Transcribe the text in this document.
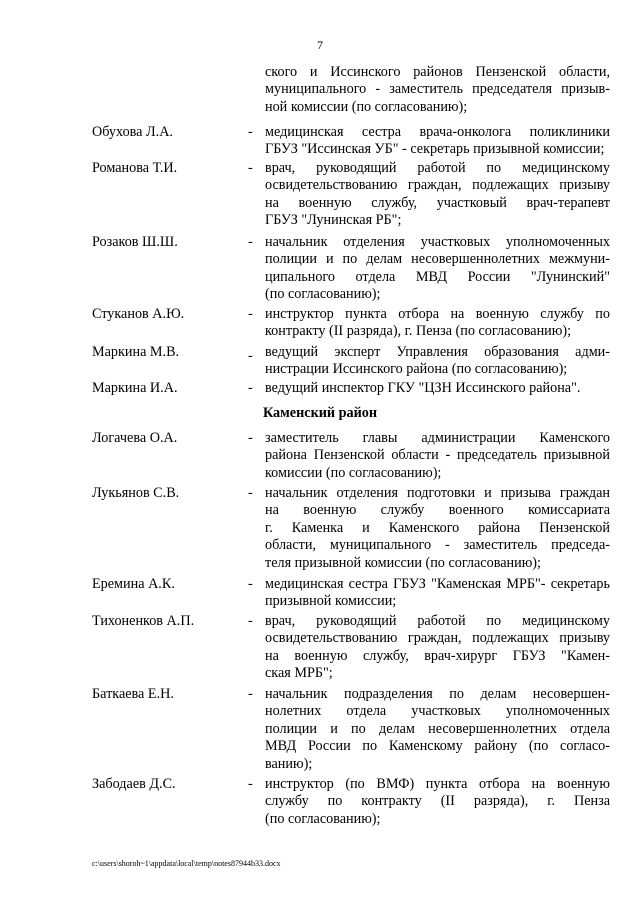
7
ского и Иссинского районов Пензенской области,
муниципального - заместитель председателя призыв-
ной комиссии (по согласованию);
Обухова Л.А.	- медицинская сестра врача-онколога поликлиники
ГБУЗ "Иссинская УБ" - секретарь призывной комиссии;
Романова Т.И.	- врач, руководящий работой по медицинскому
освидетельствованию граждан, подлежащих призыву
на военную службу, участковый врач-терапевт
ГБУЗ "Лунинская РБ";
Розаков Ш.Ш.	- начальник отделения участковых уполномоченных
полиции и по делам несовершеннолетних межмуни-
ципального отдела МВД России "Лунинский"
(по согласованию);
Стуканов А.Ю.	- инструктор пункта отбора на военную службу по
контракту (II разряда), г. Пенза (по согласованию);
Маркина М.В.	- ведущий эксперт Управления образования адми-
нистрации Иссинского района (по согласованию);
Маркина И.А.	- ведущий инспектор ГКУ "ЦЗН Иссинского района".
Каменский район
Логачева О.А.	- заместитель главы администрации Каменского
района Пензенской области - председатель призывной
комиссии (по согласованию);
Лукьянов С.В.	- начальник отделения подготовки и призыва граждан
на военную службу военного комиссариата
г. Каменка и Каменского района Пензенской
области, муниципального - заместитель председа-
теля призывной комиссии (по согласованию);
Еремина А.К.	- медицинская сестра ГБУЗ "Каменская МРБ"- секретарь
призывной комиссии;
Тихоненков А.П.	- врач, руководящий работой по медицинскому
освидетельствованию граждан, подлежащих призыву
на военную службу, врач-хирург ГБУЗ "Камен-
ская МРБ";
Баткаева Е.Н.	- начальник подразделения по делам несовершен-
нолетних отдела участковых уполномоченных
полиции и по делам несовершеннолетних отдела
МВД России по Каменскому району (по согласо-
ванию);
Забодаев Д.С.	- инструктор (по ВМФ) пункта отбора на военную
службу по контракту (II разряда), г. Пенза
(по согласованию);
c:\users\shoroh~1\appdata\local\temp\notes87944b33.docx
